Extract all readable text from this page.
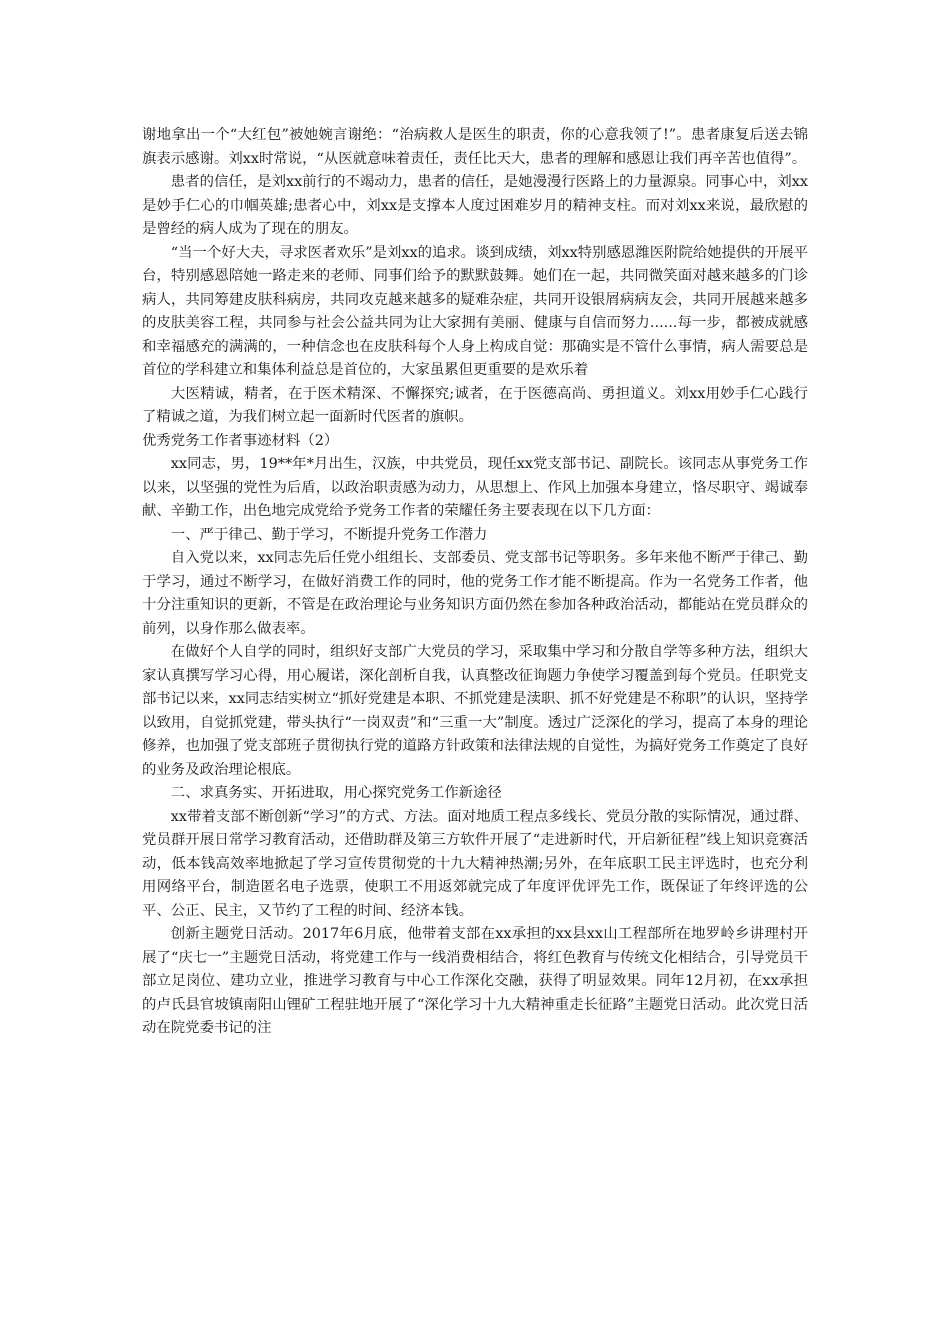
谢地拿出一个“大红包”被她婉言谢绝：“治病救人是医生的职责，你的心意我领了!”。患者康复后送去锦旗表示感谢。刘xx时常说，“从医就意味着责任，责任比天大，患者的理解和感恩让我们再辛苦也值得”。

患者的信任，是刘xx前行的不竭动力，患者的信任，是她漫漫行医路上的力量源泉。同事心中，刘xx是妙手仁心的巾帼英雄;患者心中，刘xx是支撑本人度过困难岁月的精神支柱。而对刘xx来说，最欣慰的是曾经的病人成为了现在的朋友。

“当一个好大夫，寻求医者欢乐”是刘xx的追求。谈到成绩，刘xx特别感恩潍医附院给她提供的开展平台，特别感恩陪她一路走来的老师、同事们给予的默默鼓舞。她们在一起，共同微笑面对越来越多的门诊病人，共同筹建皮肤科病房，共同攻克越来越多的疑难杂症，共同开设银屑病病友会，共同开展越来越多的皮肤美容工程，共同参与社会公益共同为让大家拥有美丽、健康与自信而努力......每一步，都被成就感和幸福感充的满满的，一种信念也在皮肤科每个人身上构成自觉：那确实是不管什么事情，病人需要总是首位的学科建立和集体利益总是首位的，大家虽累但更重要的是欢乐着

大医精诚，精者，在于医术精深、不懈探究;诚者，在于医德高尚、勇担道义。刘xx用妙手仁心践行了精诚之道，为我们树立起一面新时代医者的旗帜。

优秀党务工作者事迹材料（2）

xx同志，男，19**年*月出生，汉族，中共党员，现任xx党支部书记、副院长。该同志从事党务工作以来，以坚强的党性为后盾，以政治职责感为动力，从思想上、作风上加强本身建立，恪尽职守、竭诚奉献、辛勤工作，出色地完成党给予党务工作者的荣耀任务主要表现在以下几方面：

一、严于律己、勤于学习，不断提升党务工作潜力

自入党以来，xx同志先后任党小组组长、支部委员、党支部书记等职务。多年来他不断严于律己、勤于学习，通过不断学习，在做好消费工作的同时，他的党务工作才能不断提高。作为一名党务工作者，他十分注重知识的更新，不管是在政治理论与业务知识方面仍然在参加各种政治活动，都能站在党员群众的前列，以身作那么做表率。

在做好个人自学的同时，组织好支部广大党员的学习，采取集中学习和分散自学等多种方法，组织大家认真撰写学习心得，用心履诺，深化剖析自我，认真整改征询题力争使学习覆盖到每个党员。任职党支部书记以来，xx同志结实树立“抓好党建是本职、不抓党建是渎职、抓不好党建是不称职”的认识，坚持学以致用，自觉抓党建，带头执行“一岗双责”和“三重一大”制度。透过广泛深化的学习，提高了本身的理论修养，也加强了党支部班子贯彻执行党的道路方针政策和法律法规的自觉性，为搞好党务工作奠定了良好的业务及政治理论根底。

二、求真务实、开拓进取，用心探究党务工作新途径

xx带着支部不断创新“学习”的方式、方法。面对地质工程点多线长、党员分散的实际情况，通过群、党员群开展日常学习教育活动，还借助群及第三方软件开展了“走进新时代，开启新征程”线上知识竞赛活动，低本钱高效率地掀起了学习宣传贯彻党的十九大精神热潮;另外，在年底职工民主评选时，也充分利用网络平台，制造匿名电子选票，使职工不用返郊就完成了年度评优评先工作，既保证了年终评选的公平、公正、民主，又节约了工程的时间、经济本钱。

创新主题党日活动。2017年6月底，他带着支部在xx承担的xx县xx山工程部所在地罗岭乡讲理村开展了“庆七一”主题党日活动，将党建工作与一线消费相结合，将红色教育与传统文化相结合，引导党员干部立足岗位、建功立业，推进学习教育与中心工作深化交融，获得了明显效果。同年12月初，在xx承担的卢氏县官坡镇南阳山锂矿工程驻地开展了“深化学习十九大精神重走长征路”主题党日活动。此次党日活动在院党委书记的注
